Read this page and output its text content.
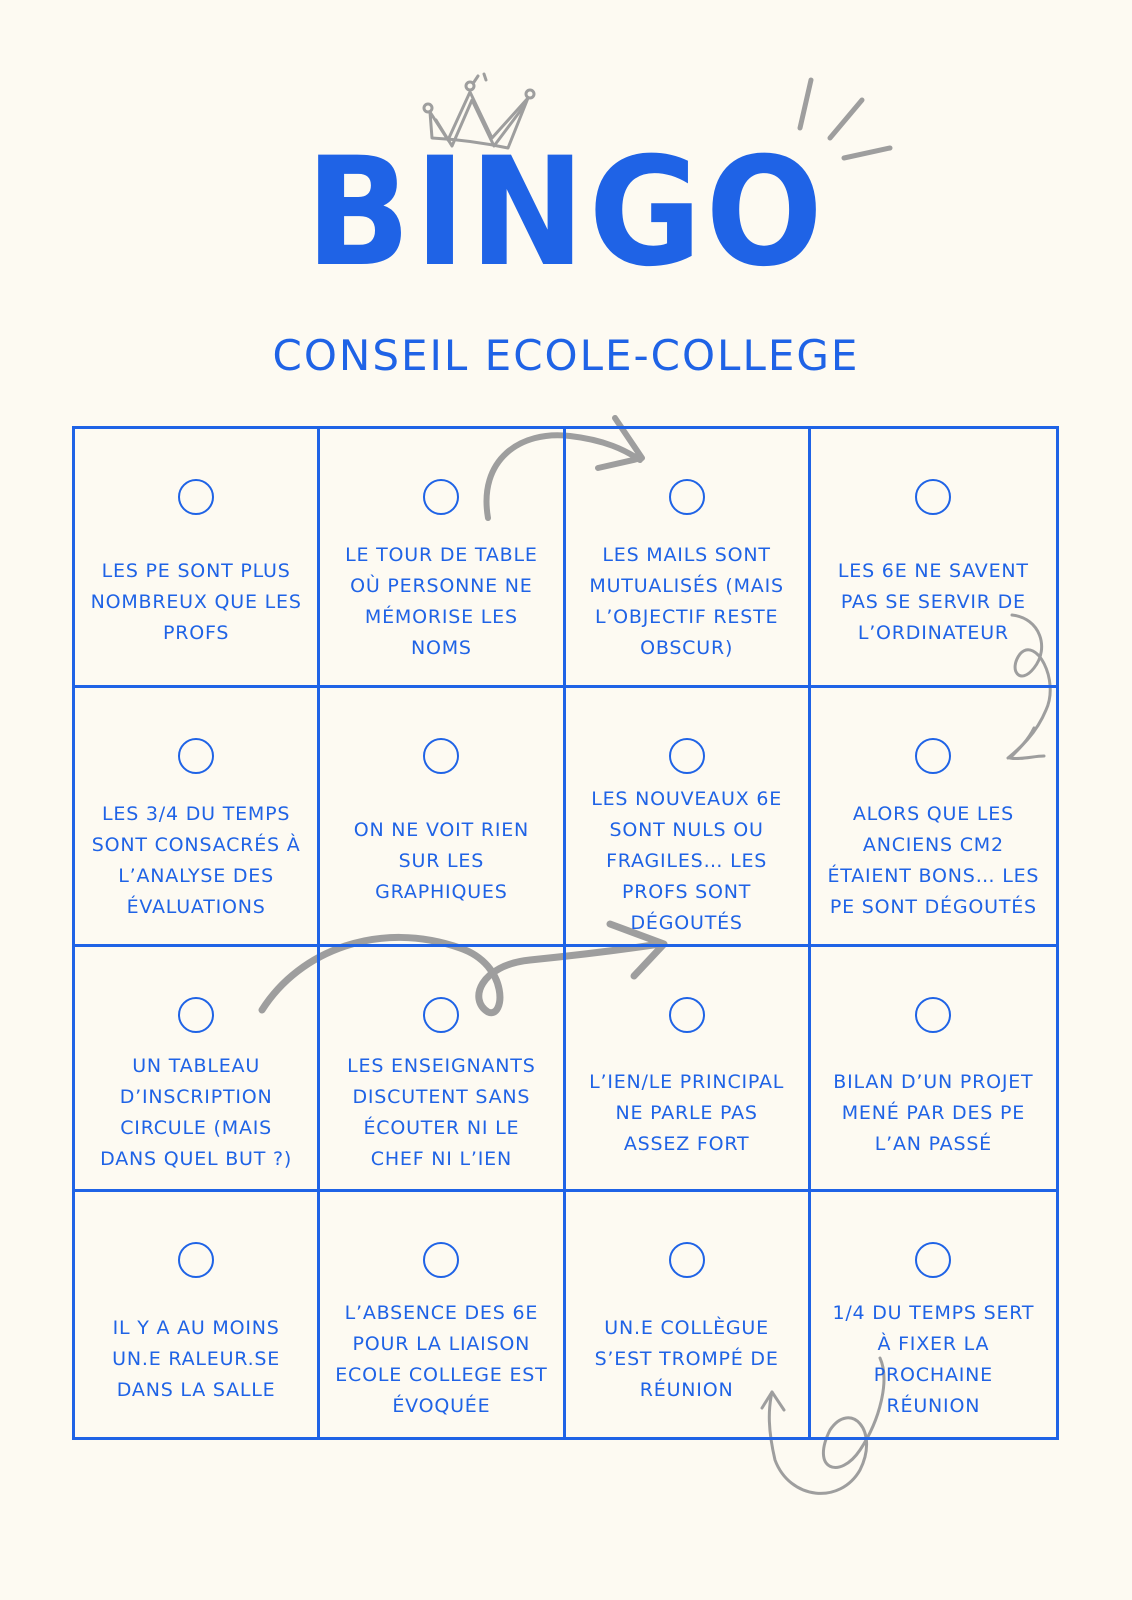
BINGO
CONSEIL ECOLE-COLLEGE
LES PE SONT PLUS NOMBREUX QUE LES PROFS
LE TOUR DE TABLE OÙ PERSONNE NE MÉMORISE LES NOMS
LES MAILS SONT MUTUALISÉS (MAIS L’OBJECTIF RESTE OBSCUR)
LES 6E NE SAVENT PAS SE SERVIR DE L’ORDINATEUR
LES 3/4 DU TEMPS SONT CONSACRÉS À L’ANALYSE DES ÉVALUATIONS
ON NE VOIT RIEN SUR LES GRAPHIQUES
LES NOUVEAUX 6E SONT NULS OU FRAGILES… LES PROFS SONT DÉGOUTÉS
ALORS QUE LES ANCIENS CM2 ÉTAIENT BONS… LES PE SONT DÉGOUTÉS
UN TABLEAU D’INSCRIPTION CIRCULE (MAIS DANS QUEL BUT ?)
LES ENSEIGNANTS DISCUTENT SANS ÉCOUTER NI LE CHEF NI L’IEN
L’IEN/LE PRINCIPAL NE PARLE PAS ASSEZ FORT
BILAN D’UN PROJET MENÉ PAR DES PE L’AN PASSÉ
IL Y A AU MOINS UN.E RALEUR.SE DANS LA SALLE
L’ABSENCE DES 6E POUR LA LIAISON ECOLE COLLEGE EST ÉVOQUÉE
UN.E COLLÈGUE S’EST TROMPÉ DE RÉUNION
1/4 DU TEMPS SERT À FIXER LA PROCHAINE RÉUNION
